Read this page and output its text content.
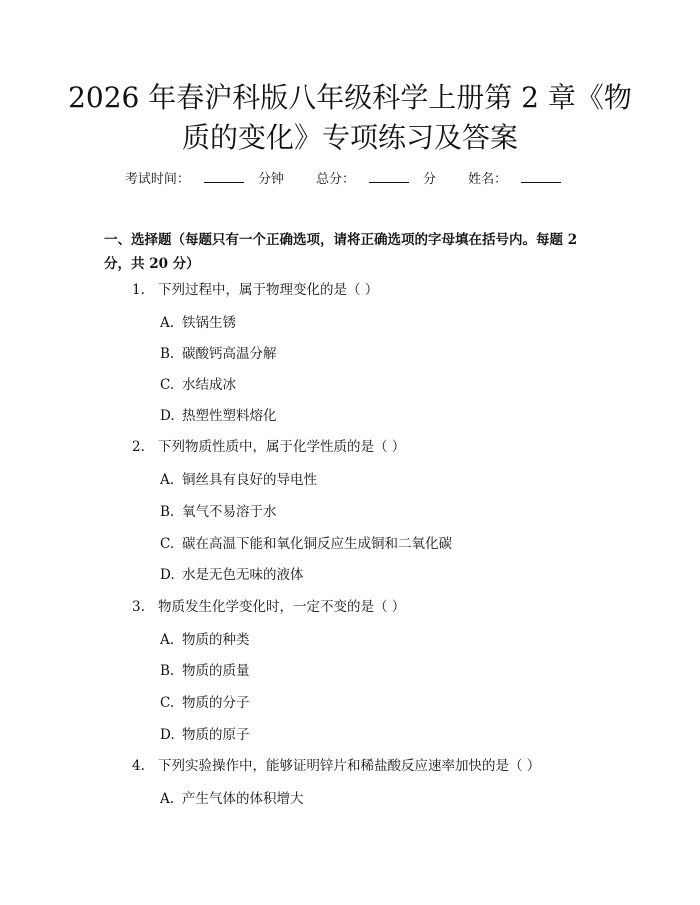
2026 年春沪科版八年级科学上册第 2 章《物
质的变化》专项练习及答案
考试时间：	分钟 总分：	分 姓名：

一、选择题（每题只有一个正确选项，请将正确选项的字母填在括号内。每题 2 分，共 20 分）

1. 下列过程中，属于物理变化的是（ ）
A. 铁锅生锈
B. 碳酸钙高温分解
C. 水结成冰
D. 热塑性塑料熔化
2. 下列物质性质中，属于化学性质的是（ ）
A. 铜丝具有良好的导电性
B. 氧气不易溶于水
C. 碳在高温下能和氧化铜反应生成铜和二氧化碳
D. 水是无色无味的液体
3. 物质发生化学变化时，一定不变的是（ ）
A. 物质的种类
B. 物质的质量
C. 物质的分子
D. 物质的原子
4. 下列实验操作中，能够证明锌片和稀盐酸反应速率加快的是（ ）
A. 产生气体的体积增大
